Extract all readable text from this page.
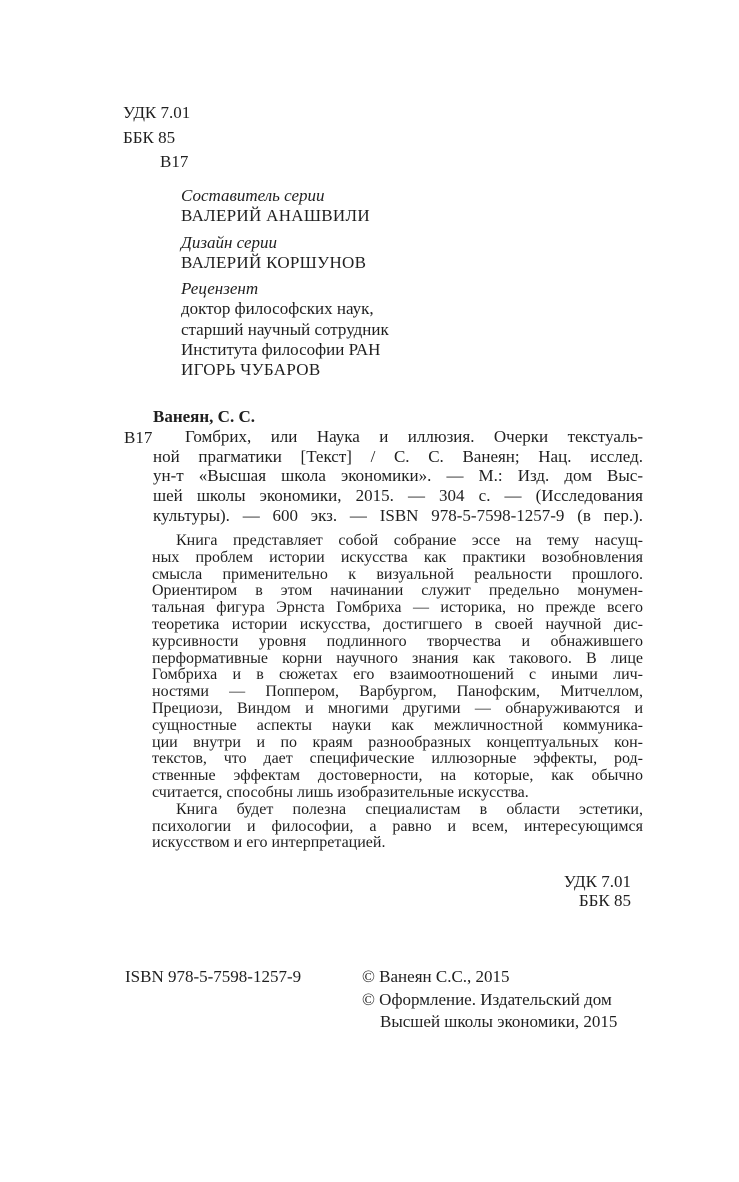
УДК 7.01
ББК 85
В17
Составитель серии
ВАЛЕРИЙ АНАШВИЛИ
Дизайн серии
ВАЛЕРИЙ КОРШУНОВ
Рецензент
доктор философских наук,
старший научный сотрудник
Института философии РАН
ИГОРЬ ЧУБАРОВ
В17
Ванеян, С. С.
Гомбрих, или Наука и иллюзия. Очерки текстуаль-
ной прагматики [Текст] / С. С. Ванеян; Нац. исслед.
ун-т «Высшая школа экономики». — М.: Изд. дом Выс-
шей школы экономики, 2015. — 304 с. — (Исследования
культуры). — 600 экз. — ISBN 978-5-7598-1257-9 (в пер.).
Книга представляет собой собрание эссе на тему насущ-
ных проблем истории искусства как практики возобновления
смысла применительно к визуальной реальности прошлого.
Ориентиром в этом начинании служит предельно монумен-
тальная фигура Эрнста Гомбриха — историка, но прежде всего
теоретика истории искусства, достигшего в своей научной дис-
курсивности уровня подлинного творчества и обнажившего
перформативные корни научного знания как такового. В лице
Гомбриха и в сюжетах его взаимоотношений с иными лич-
ностями — Поппером, Варбургом, Панофским, Митчеллом,
Прециози, Виндом и многими другими — обнаруживаются и
сущностные аспекты науки как межличностной коммуника-
ции внутри и по краям разнообразных концептуальных кон-
текстов, что дает специфические иллюзорные эффекты, род-
ственные эффектам достоверности, на которые, как обычно
считается, способны лишь изобразительные искусства.
Книга будет полезна специалистам в области эстетики,
психологии и философии, а равно и всем, интересующимся
искусством и его интерпретацией.
УДК 7.01
ББК 85
ISBN 978-5-7598-1257-9	© Ванеян С.С., 2015
© Оформление. Издательский дом
Высшей школы экономики, 2015
